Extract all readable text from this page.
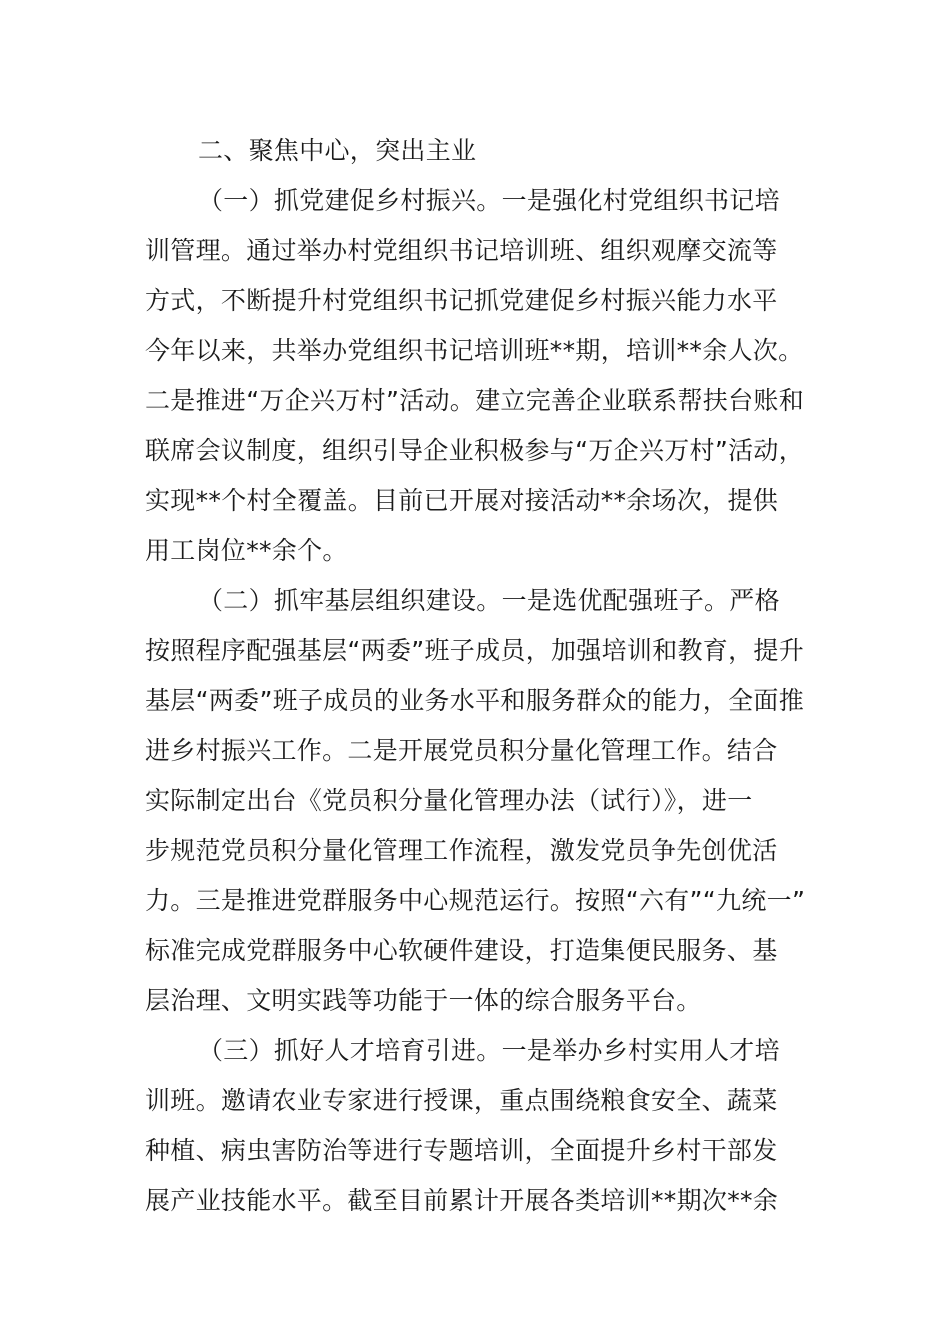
二、聚焦中心，突出主业
（一）抓党建促乡村振兴。一是强化村党组织书记培
训管理。通过举办村党组织书记培训班、组织观摩交流等
方式，不断提升村党组织书记抓党建促乡村振兴能力水平
今年以来，共举办党组织书记培训班**期，培训**余人次。
二是推进“万企兴万村”活动。建立完善企业联系帮扶台账和
联席会议制度，组织引导企业积极参与“万企兴万村”活动，
实现**个村全覆盖。目前已开展对接活动**余场次，提供
用工岗位**余个。
（二）抓牢基层组织建设。一是选优配强班子。严格
按照程序配强基层“两委”班子成员，加强培训和教育，提升
基层“两委”班子成员的业务水平和服务群众的能力，全面推
进乡村振兴工作。二是开展党员积分量化管理工作。结合
实际制定出台《党员积分量化管理办法（试行）》，进一
步规范党员积分量化管理工作流程，激发党员争先创优活
力。三是推进党群服务中心规范运行。按照“六有”“九统一”
标准完成党群服务中心软硬件建设，打造集便民服务、基
层治理、文明实践等功能于一体的综合服务平台。
（三）抓好人才培育引进。一是举办乡村实用人才培
训班。邀请农业专家进行授课，重点围绕粮食安全、蔬菜
种植、病虫害防治等进行专题培训，全面提升乡村干部发
展产业技能水平。截至目前累计开展各类培训**期次**余
